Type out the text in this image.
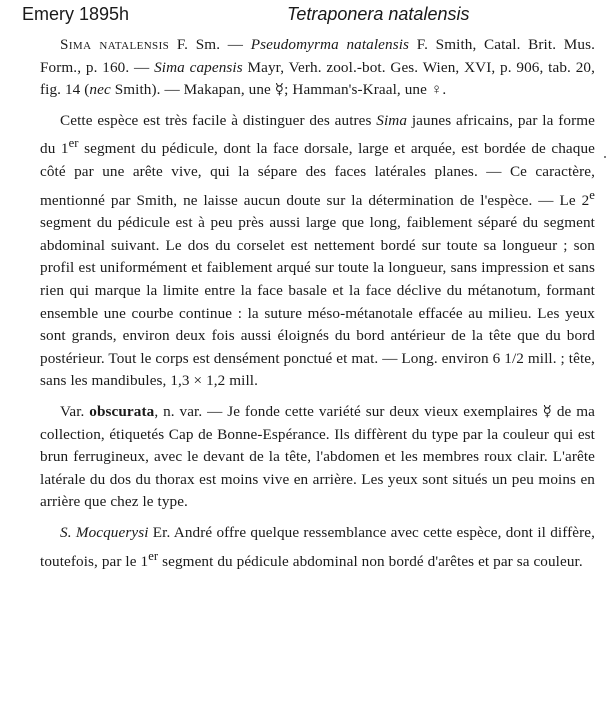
Emery 1895h	Tetraponera natalensis

Sima natalensis F. Sm. — Pseudomyrma natalensis F. Smith, Catal. Brit. Mus. Form., p. 160. — Sima capensis Mayr, Verh. zool.-bot. Ges. Wien, XVI, p. 906, tab. 20, fig. 14 (nec Smith). — Makapan, une ☿; Hamman's-Kraal, une ♀.

Cette espèce est très facile à distinguer des autres Sima jaunes africains, par la forme du 1er segment du pédicule, dont la face dorsale, large et arquée, est bordée de chaque côté par une arête vive, qui la sépare des faces latérales planes. — Ce caractère, mentionné par Smith, ne laisse aucun doute sur la détermination de l'espèce. — Le 2e segment du pédicule est à peu près aussi large que long, faiblement séparé du segment abdominal suivant. Le dos du corselet est nettement bordé sur toute sa longueur ; son profil est uniformément et faiblement arqué sur toute la longueur, sans impression et sans rien qui marque la limite entre la face basale et la face déclive du métanotum, formant ensemble une courbe continue : la suture méso-métanotale effacée au milieu. Les yeux sont grands, environ deux fois aussi éloignés du bord antérieur de la tête que du bord postérieur. Tout le corps est densément ponctué et mat. — Long. environ 6 1/2 mill. ; tête, sans les mandibules, 1,3 × 1,2 mill.

Var. obscurata, n. var. — Je fonde cette variété sur deux vieux exemplaires ☿ de ma collection, étiquetés Cap de Bonne-Espérance. Ils diffèrent du type par la couleur qui est brun ferrugineux, avec le devant de la tête, l'abdomen et les membres roux clair. L'arête latérale du dos du thorax est moins vive en arrière. Les yeux sont situés un peu moins en arrière que chez le type.

S. Mocquerysi Er. André offre quelque ressemblance avec cette espèce, dont il diffère, toutefois, par le 1er segment du pédicule abdominal non bordé d'arêtes et par sa couleur.
